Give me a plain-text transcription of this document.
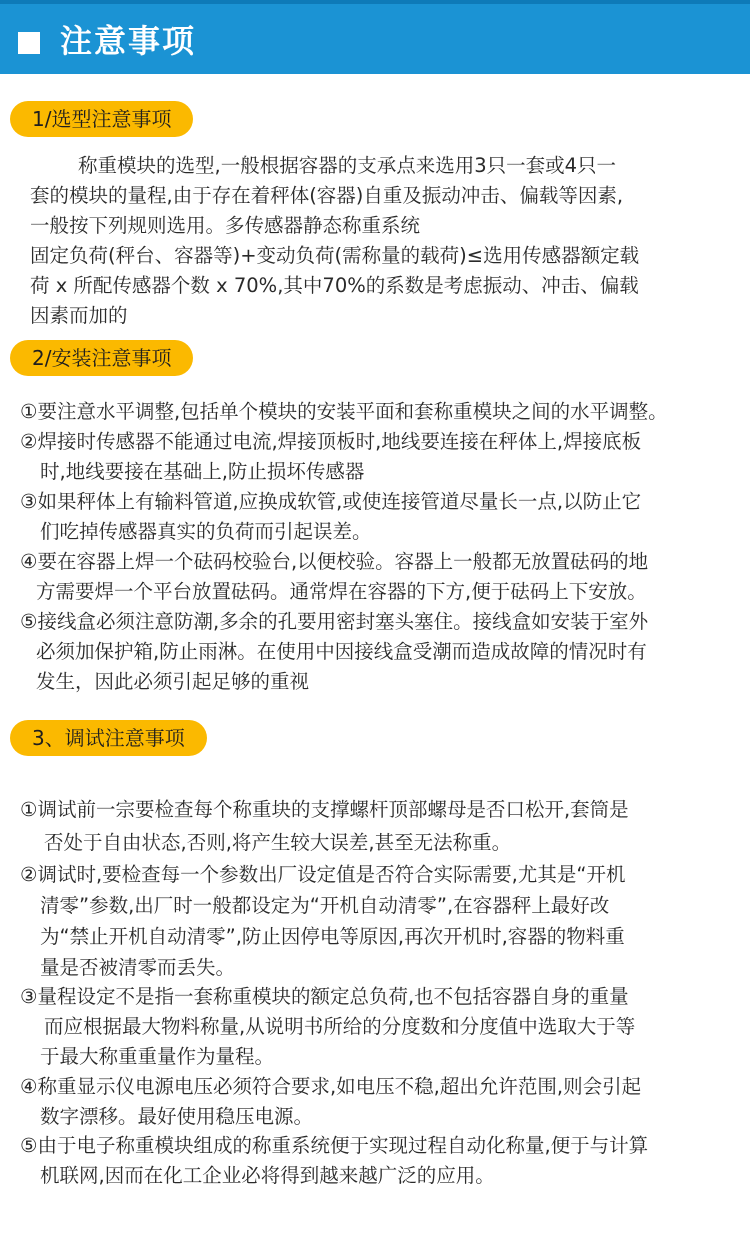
注意事项
1/选型注意事项
称重模块的选型,一般根据容器的支承点来选用3只一套或4只一
套的模块的量程,由于存在着秤体(容器)自重及振动冲击、偏载等因素,
一般按下列规则选用。多传感器静态称重系统
固定负荷(秤台、容器等)+变动负荷(需称量的载荷)≤选用传感器额定载
荷 x 所配传感器个数 x 70%,其中70%的系数是考虑振动、冲击、偏载
因素而加的
2/安装注意事项
①要注意水平调整,包括单个模块的安装平面和套称重模块之间的水平调整。
②焊接时传感器不能通过电流,焊接顶板时,地线要连接在秤体上,焊接底板
时,地线要接在基础上,防止损坏传感器
③如果秤体上有输料管道,应换成软管,或使连接管道尽量长一点,以防止它
们吃掉传感器真实的负荷而引起误差。
④要在容器上焊一个砝码校验台,以便校验。容器上一般都无放置砝码的地
方需要焊一个平台放置砝码。通常焊在容器的下方,便于砝码上下安放。
⑤接线盒必须注意防潮,多余的孔要用密封塞头塞住。接线盒如安装于室外
必须加保护箱,防止雨淋。在使用中因接线盒受潮而造成故障的情况时有
发生，因此必须引起足够的重视
3、调试注意事项
①调试前一宗要检查每个称重块的支撑螺杆顶部螺母是否口松开,套筒是
否处于自由状态,否则,将产生较大误差,甚至无法称重。
②调试时,要检查每一个参数出厂设定值是否符合实际需要,尤其是“开机
清零”参数,出厂时一般都设定为“开机自动清零”,在容器秤上最好改
为“禁止开机自动清零”,防止因停电等原因,再次开机时,容器的物料重
量是否被清零而丢失。
③量程设定不是指一套称重模块的额定总负荷,也不包括容器自身的重量
而应根据最大物料称量,从说明书所给的分度数和分度值中选取大于等
于最大称重重量作为量程。
④称重显示仪电源电压必须符合要求,如电压不稳,超出允许范围,则会引起
数字漂移。最好使用稳压电源。
⑤由于电子称重模块组成的称重系统便于实现过程自动化称量,便于与计算
机联网,因而在化工企业必将得到越来越广泛的应用。
